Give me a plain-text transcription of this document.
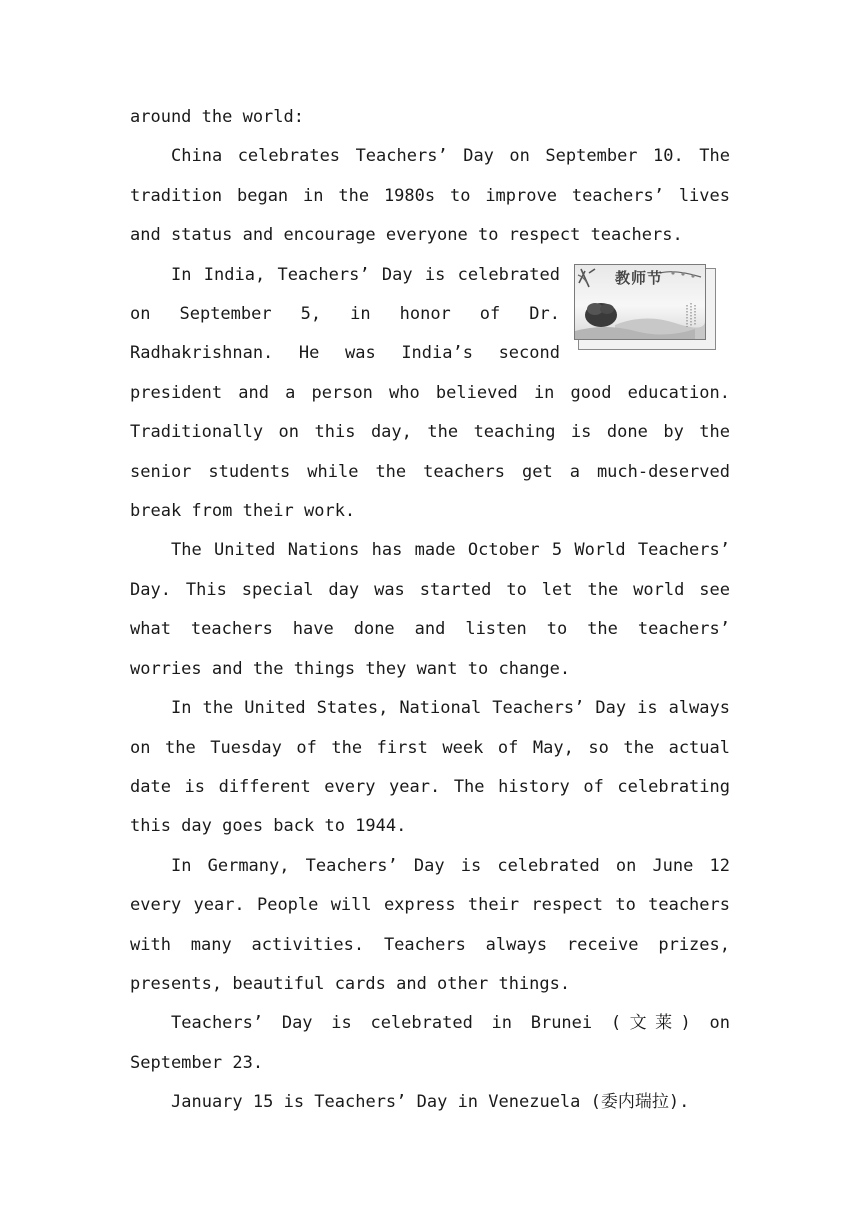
around the world:

China celebrates Teachers’ Day on September 10. The tradition began in the 1980s to improve teachers’ lives and status and encourage everyone to respect teachers.

教师节

In India, Teachers’ Day is celebrated on September 5, in honor of Dr. Radhakrishnan. He was India’s second president and a person who believed in good education. Traditionally on this day, the teaching is done by the senior students while the teachers get a much-deserved break from their work.

The United Nations has made October 5 World Teachers’ Day. This special day was started to let the world see what teachers have done and listen to the teachers’ worries and the things they want to change.

In the United States, National Teachers’ Day is always on the Tuesday of the first week of May, so the actual date is different every year. The history of celebrating this day goes back to 1944.

In Germany, Teachers’ Day is celebrated on June 12 every year. People will express their respect to teachers with many activities. Teachers always receive prizes, presents, beautiful cards and other things.

Teachers’ Day is celebrated in Brunei (文莱) on September 23.

January 15 is Teachers’ Day in Venezuela (委内瑞拉).
